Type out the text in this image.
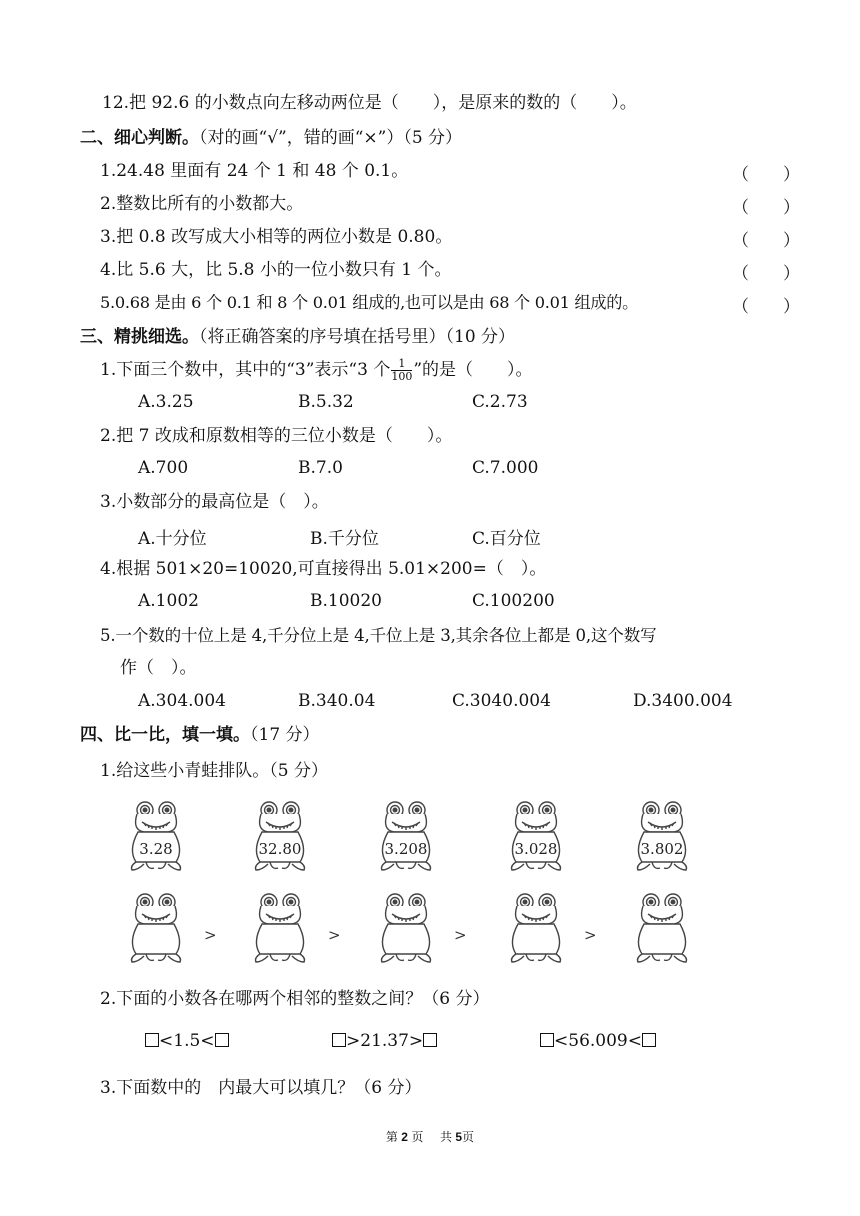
12.把 92.6 的小数点向左移动两位是（　　），是原来的数的（　　）。
二、细心判断。（对的画“√”，错的画“×”）（5 分）
1.24.48 里面有 24 个 1 和 48 个 0.1。	（　　）
2.整数比所有的小数都大。	（　　）
3.把 0.8 改写成大小相等的两位小数是 0.80。	（　　）
4.比 5.6 大，比 5.8 小的一位小数只有 1 个。	（　　）
5.0.68 是由 6 个 0.1 和 8 个 0.01 组成的,也可以是由 68 个 0.01 组成的。	（　　）
三、精挑细选。（将正确答案的序号填在括号里）（10 分）
1.下面三个数中，其中的“3”表示“3 个 $\frac{1}{100}$ ”的是（　　）。
A.3.25	B.5.32	C.2.73
2.把 7 改成和原数相等的三位小数是（　　）。
A.700	B.7.0	C.7.000
3.小数部分的最高位是（　）。
A.十分位	B.千分位	C.百分位
4.根据 501×20=10020,可直接得出 5.01×200=（　）。
A.1002	B.10020	C.100200
5.一个数的十位上是 4,千分位上是 4,千位上是 3,其余各位上都是 0,这个数写
作（　）。
A.304.004	B.340.04	C.3040.004	D.3400.004
四、比一比，填一填。（17 分）
1.给这些小青蛙排队。（5 分）
3.28	32.80	3.208	3.028	3.802
>	>	>	>
2.下面的小数各在哪两个相邻的整数之间？（6 分）
<1.5<	>21.37>	<56.009<
3.下面数中的　内最大可以填几？（6 分）
第 2 页 共 5页
